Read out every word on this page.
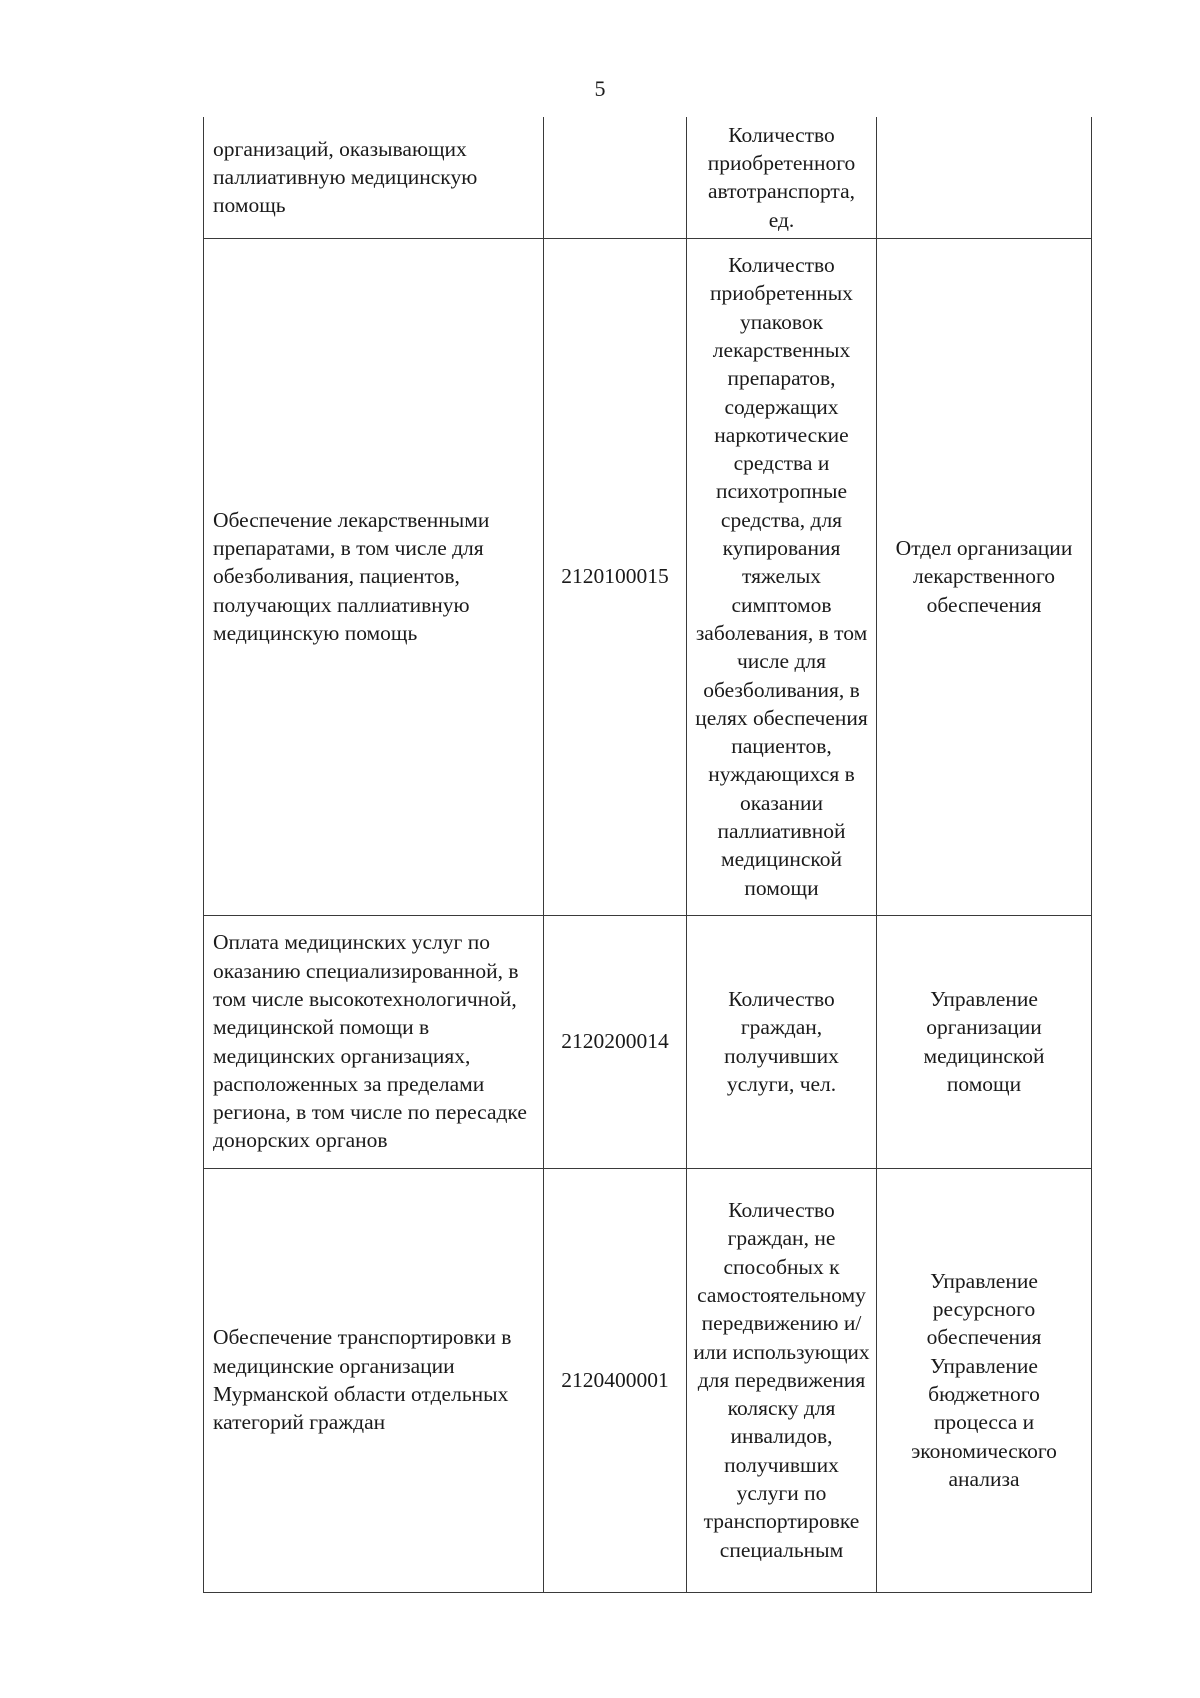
5
организаций, оказывающих паллиативную медицинскую помощь		Количество приобретенного автотранспорта, ед.	

Обеспечение лекарственными препаратами, в том числе для обезболивания, пациентов, получающих паллиативную медицинскую помощь	2120100015	Количество приобретенных упаковок лекарственных препаратов, содержащих наркотические средства и психотропные средства, для купирования тяжелых симптомов заболевания, в том числе для обезболивания, в целях обеспечения пациентов, нуждающихся в оказании паллиативной медицинской помощи	Отдел организации лекарственного обеспечения

Оплата медицинских услуг по оказанию специализированной, в том числе высокотехнологичной, медицинской помощи в медицинских организациях, расположенных за пределами региона, в том числе по пересадке донорских органов	2120200014	Количество граждан, получивших услуги, чел.	Управление организации медицинской помощи

Обеспечение транспортировки в медицинские организации Мурманской области отдельных категорий граждан	2120400001	Количество граждан, не способных к самостоятельному передвижению и/или использующих для передвижения коляску для инвалидов, получивших услуги по транспортировке специальным	Управление ресурсного обеспечения Управление бюджетного процесса и экономического анализа
